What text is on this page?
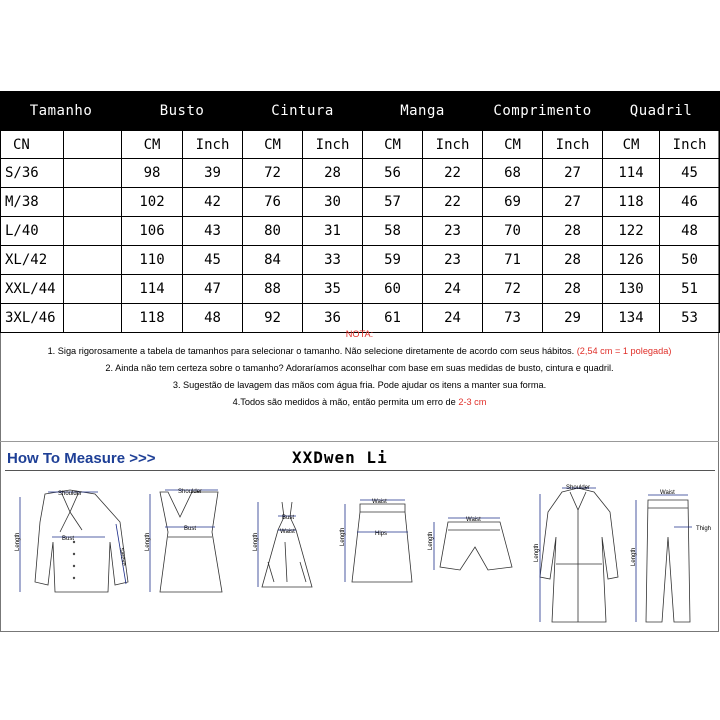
Tamanho		Busto		Cintura		Manga		Comprimento		Quadril	
CN		CM	Inch	CM	Inch	CM	Inch	CM	Inch	CM	Inch
S/36		98	39	72	28	56	22	68	27	114	45
M/38		102	42	76	30	57	22	69	27	118	46
L/40		106	43	80	31	58	23	70	28	122	48
XL/42		110	45	84	33	59	23	71	28	126	50
XXL/44		114	47	88	35	60	24	72	28	130	51
3XL/46		118	48	92	36	61	24	73	29	134	53
NOTA:
1. Siga rigorosamente a tabela de tamanhos para selecionar o tamanho. Não selecione diretamente de acordo com seus hábitos. (2,54 cm = 1 polegada)
2. Ainda não tem certeza sobre o tamanho? Adoraríamos aconselhar com base em suas medidas de busto, cintura e quadril.
3. Sugestão de lavagem das mãos com água fria. Pode ajudar os itens a manter sua forma.
4.Todos são medidos à mão, então permita um erro de 2-3 cm
How To Measure >>>	XXDwen Li
Shoulder
Bust
Length
Sleeve
Shoulder
Bust
Length
Bust
Waist
Length
Waist
Hips
Length
Waist
Length
Shoulder
Length
Waist
Thigh
Length
